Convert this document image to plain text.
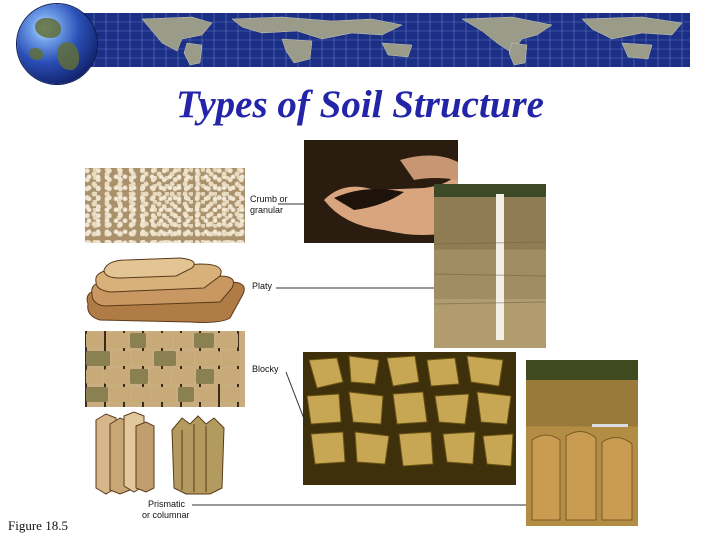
Types of Soil Structure
Crumb or
granular
Platy
Blocky
Prismatic
or columnar
Figure 18.5
